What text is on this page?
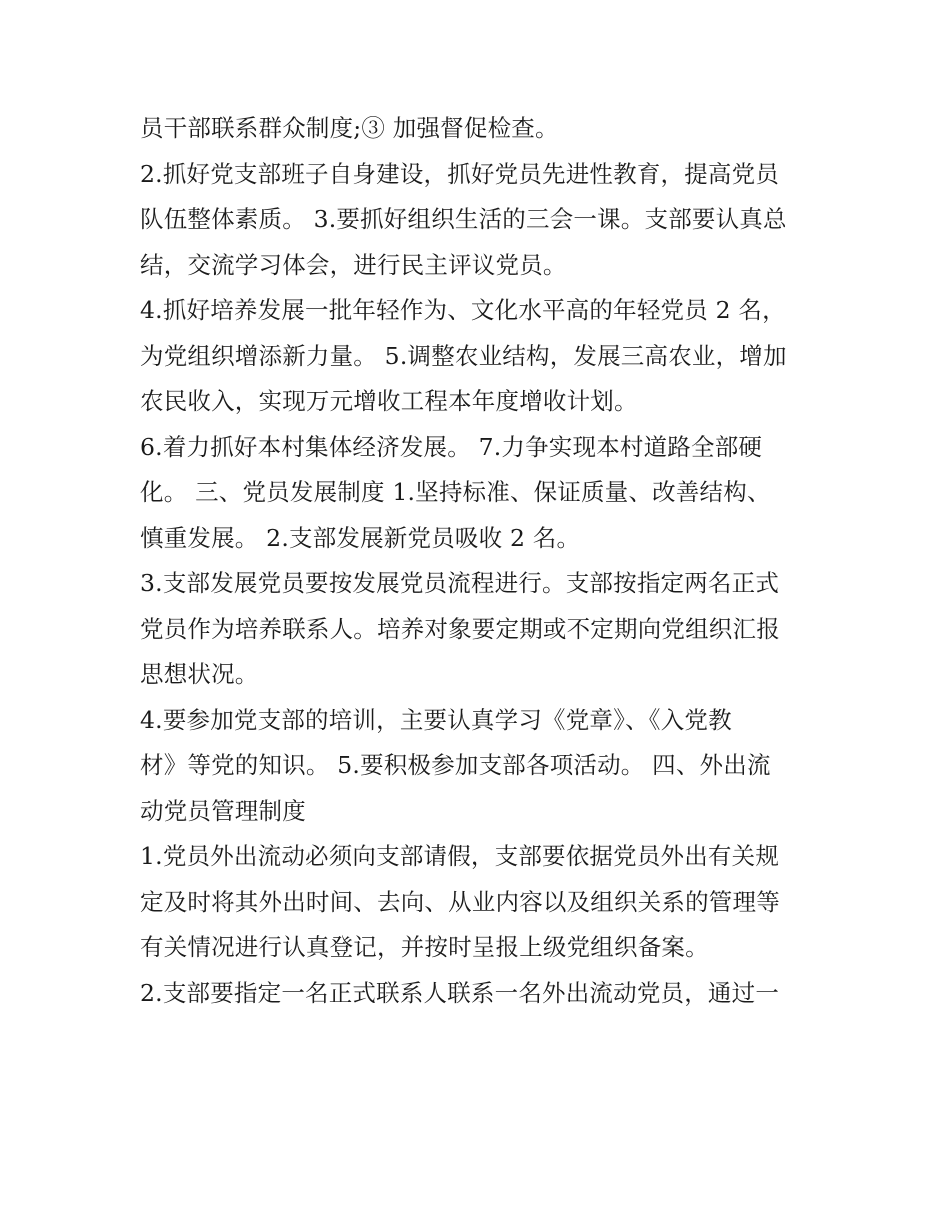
员干部联系群众制度;③ 加强督促检查。

2.抓好党支部班子自身建设，抓好党员先进性教育，提高党员
队伍整体素质。 3.要抓好组织生活的三会一课。支部要认真总
结，交流学习体会，进行民主评议党员。

4.抓好培养发展一批年轻作为、文化水平高的年轻党员 2 名，
为党组织增添新力量。 5.调整农业结构，发展三高农业，增加
农民收入，实现万元增收工程本年度增收计划。

6.着力抓好本村集体经济发展。 7.力争实现本村道路全部硬
化。 三、党员发展制度 1.坚持标准、保证质量、改善结构、
慎重发展。 2.支部发展新党员吸收 2 名。

3.支部发展党员要按发展党员流程进行。支部按指定两名正式
党员作为培养联系人。培养对象要定期或不定期向党组织汇报
思想状况。

4.要参加党支部的培训，主要认真学习《党章》、《入党教
材》等党的知识。 5.要积极参加支部各项活动。 四、外出流
动党员管理制度

1.党员外出流动必须向支部请假，支部要依据党员外出有关规
定及时将其外出时间、去向、从业内容以及组织关系的管理等
有关情况进行认真登记，并按时呈报上级党组织备案。

2.支部要指定一名正式联系人联系一名外出流动党员，通过一
